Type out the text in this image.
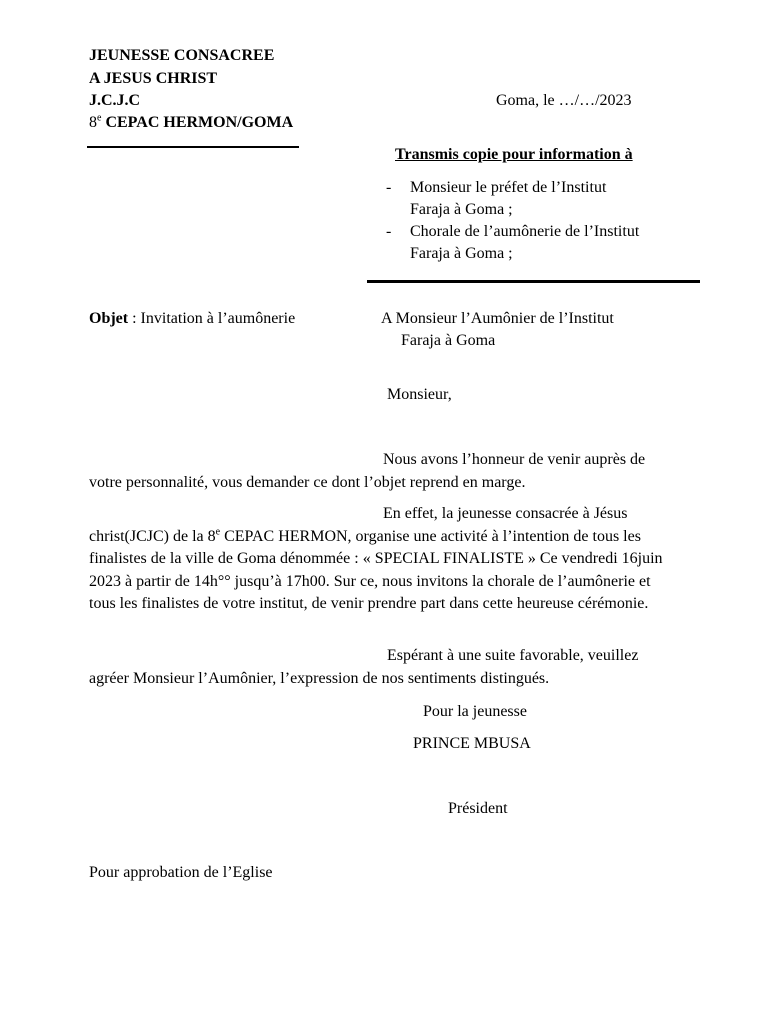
JEUNESSE CONSACREE
A JESUS CHRIST
J.C.J.C
8e CEPAC HERMON/GOMA
Goma, le …/…/2023
Transmis copie pour information à
- Monsieur le préfet de l’Institut
Faraja à Goma ;
- Chorale de l’aumônerie de l’Institut
Faraja à Goma ;
Objet : Invitation à l’aumônerie	A Monsieur l’Aumônier de l’Institut
Faraja à Goma
Monsieur,
Nous avons l’honneur de venir auprès de votre personnalité, vous demander ce dont l’objet reprend en marge.
En effet, la jeunesse consacrée à Jésus christ(JCJC) de la 8e CEPAC HERMON, organise une activité à l’intention de tous les finalistes de la ville de Goma dénommée : « SPECIAL FINALISTE » Ce vendredi 16juin 2023 à partir de 14h°° jusqu’à 17h00. Sur ce, nous invitons la chorale de l’aumônerie et tous les finalistes de votre institut, de venir prendre part dans cette heureuse cérémonie.
Espérant à une suite favorable, veuillez agréer Monsieur l’Aumônier, l’expression de nos sentiments distingués.
Pour la jeunesse
PRINCE MBUSA
Président
Pour approbation de l’Eglise
